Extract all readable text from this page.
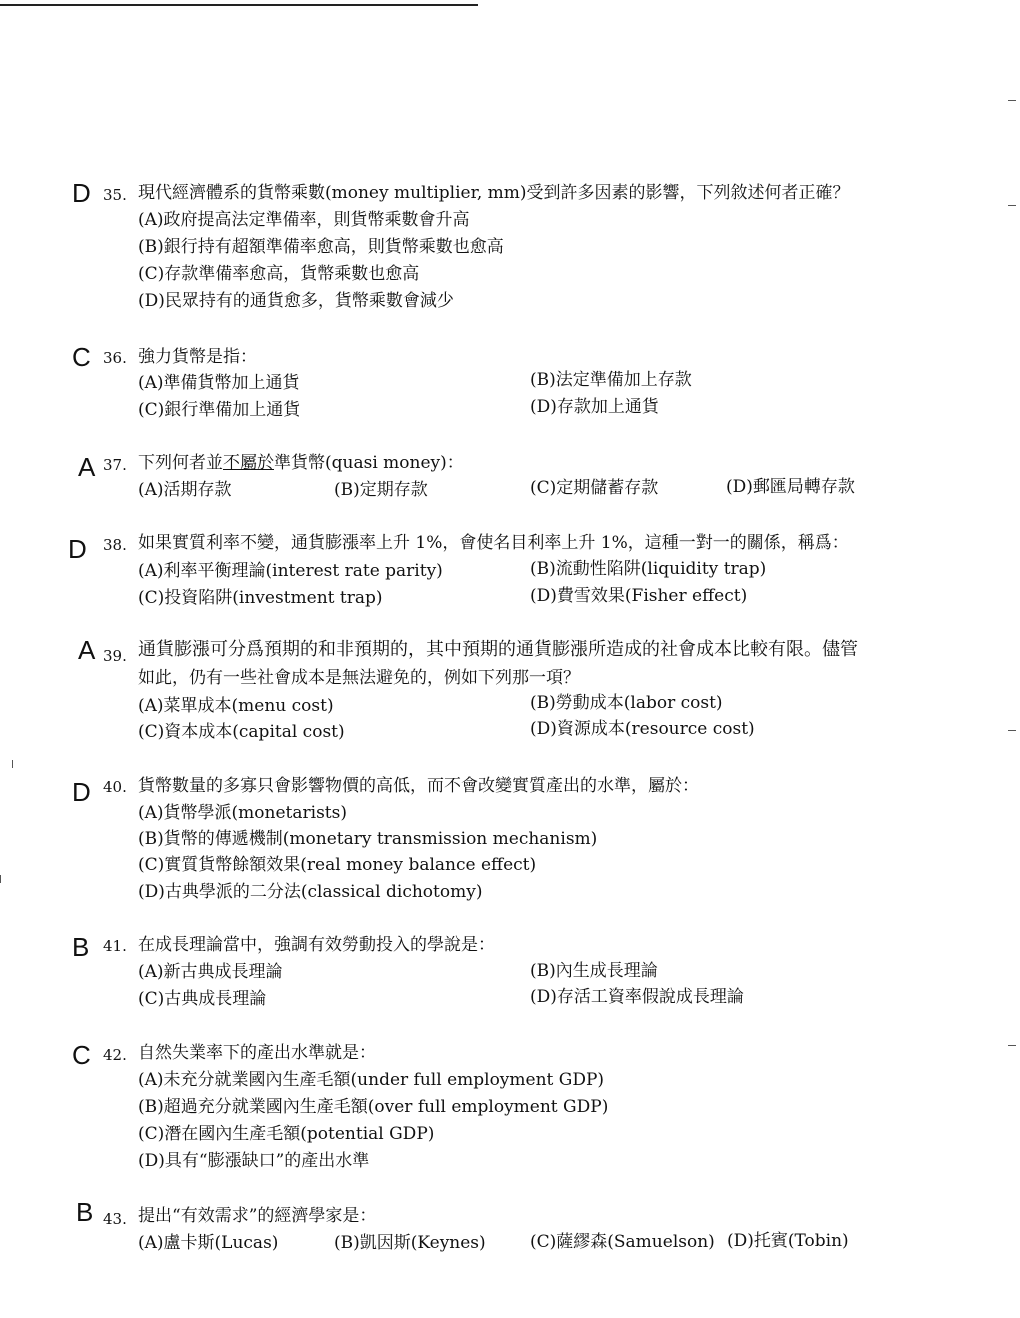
D 35. 現代經濟體系的貨幣乘數(money multiplier, mm)受到許多因素的影響，下列敘述何者正確？
(A)政府提高法定準備率，則貨幣乘數會升高
(B)銀行持有超額準備率愈高，則貨幣乘數也愈高
(C)存款準備率愈高，貨幣乘數也愈高
(D)民眾持有的通貨愈多，貨幣乘數會減少
C 36. 強力貨幣是指：
(A)準備貨幣加上通貨	(B)法定準備加上存款
(C)銀行準備加上通貨	(D)存款加上通貨
A 37. 下列何者並不屬於準貨幣(quasi money)：
(A)活期存款	(B)定期存款	(C)定期儲蓄存款	(D)郵匯局轉存款
D 38. 如果實質利率不變，通貨膨漲率上升 1%，會使名目利率上升 1%，這種一對一的關係，稱爲：
(A)利率平衡理論(interest rate parity)	(B)流動性陷阱(liquidity trap)
(C)投資陷阱(investment trap)	(D)費雪效果(Fisher effect)
A 39. 通貨膨漲可分爲預期的和非預期的，其中預期的通貨膨漲所造成的社會成本比較有限。儘管
如此，仍有一些社會成本是無法避免的，例如下列那一項？
(A)菜單成本(menu cost)	(B)勞動成本(labor cost)
(C)資本成本(capital cost)	(D)資源成本(resource cost)
D 40. 貨幣數量的多寡只會影響物價的高低，而不會改變實質產出的水準，屬於：
(A)貨幣學派(monetarists)
(B)貨幣的傳遞機制(monetary transmission mechanism)
(C)實質貨幣餘額效果(real money balance effect)
(D)古典學派的二分法(classical dichotomy)
B 41. 在成長理論當中，強調有效勞動投入的學說是：
(A)新古典成長理論	(B)內生成長理論
(C)古典成長理論	(D)存活工資率假說成長理論
C 42. 自然失業率下的產出水準就是：
(A)未充分就業國內生產毛額(under full employment GDP)
(B)超過充分就業國內生產毛額(over full employment GDP)
(C)潛在國內生產毛額(potential GDP)
(D)具有“膨漲缺口”的產出水準
B 43. 提出“有效需求”的經濟學家是：
(A)盧卡斯(Lucas)	(B)凱因斯(Keynes)	(C)薩繆森(Samuelson) (D)托賓(Tobin)
